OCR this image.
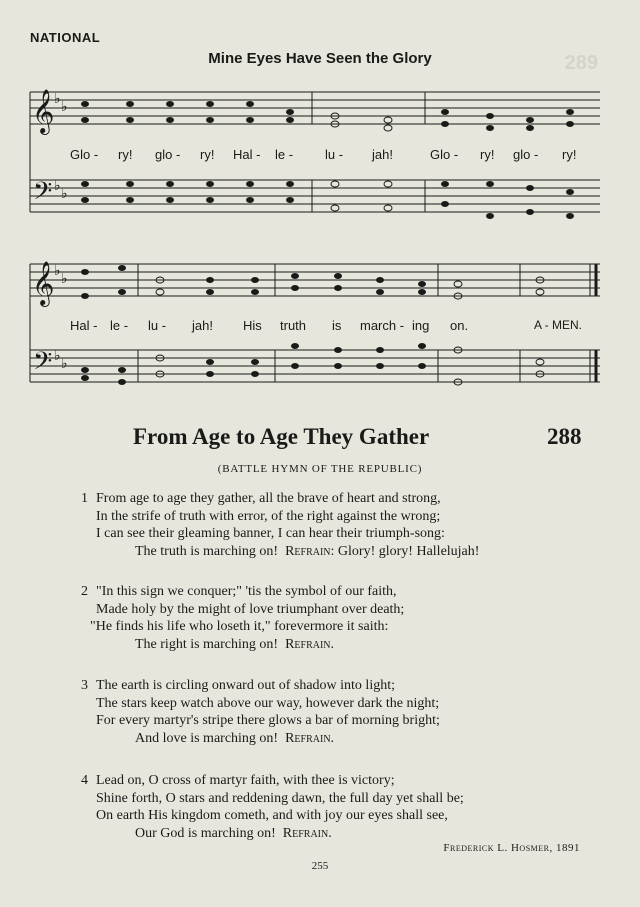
NATIONAL
Mine Eyes Have Seen the Glory	289
𝄞
𝄢
𝄞
𝄢
♭ ♭
♭ ♭
♭ ♭
♭ ♭
Glo - ry! glo - ry! Hal - le - lu - jah!	Glo - ry! glo - ry!
Hal - le - lu - jah! His truth is march - ing on.	A - MEN.
From Age to Age They Gather	288
(BATTLE HYMN OF THE REPUBLIC)
1 From age to age they gather, all the brave of heart and strong,
In the strife of truth with error, of the right against the wrong;
I can see their gleaming banner, I can hear their triumph-song:
The truth is marching on! Refrain: Glory! glory! Hallelujah!
2 "In this sign we conquer;" 'tis the symbol of our faith,
Made holy by the might of love triumphant over death;
"He finds his life who loseth it," forevermore it saith:
The right is marching on! Refrain.
3 The earth is circling onward out of shadow into light;
The stars keep watch above our way, however dark the night;
For every martyr's stripe there glows a bar of morning bright;
And love is marching on! Refrain.
4 Lead on, O cross of martyr faith, with thee is victory;
Shine forth, O stars and reddening dawn, the full day yet shall be;
On earth His kingdom cometh, and with joy our eyes shall see,
Our God is marching on! Refrain.
Frederick L. Hosmer, 1891
255
